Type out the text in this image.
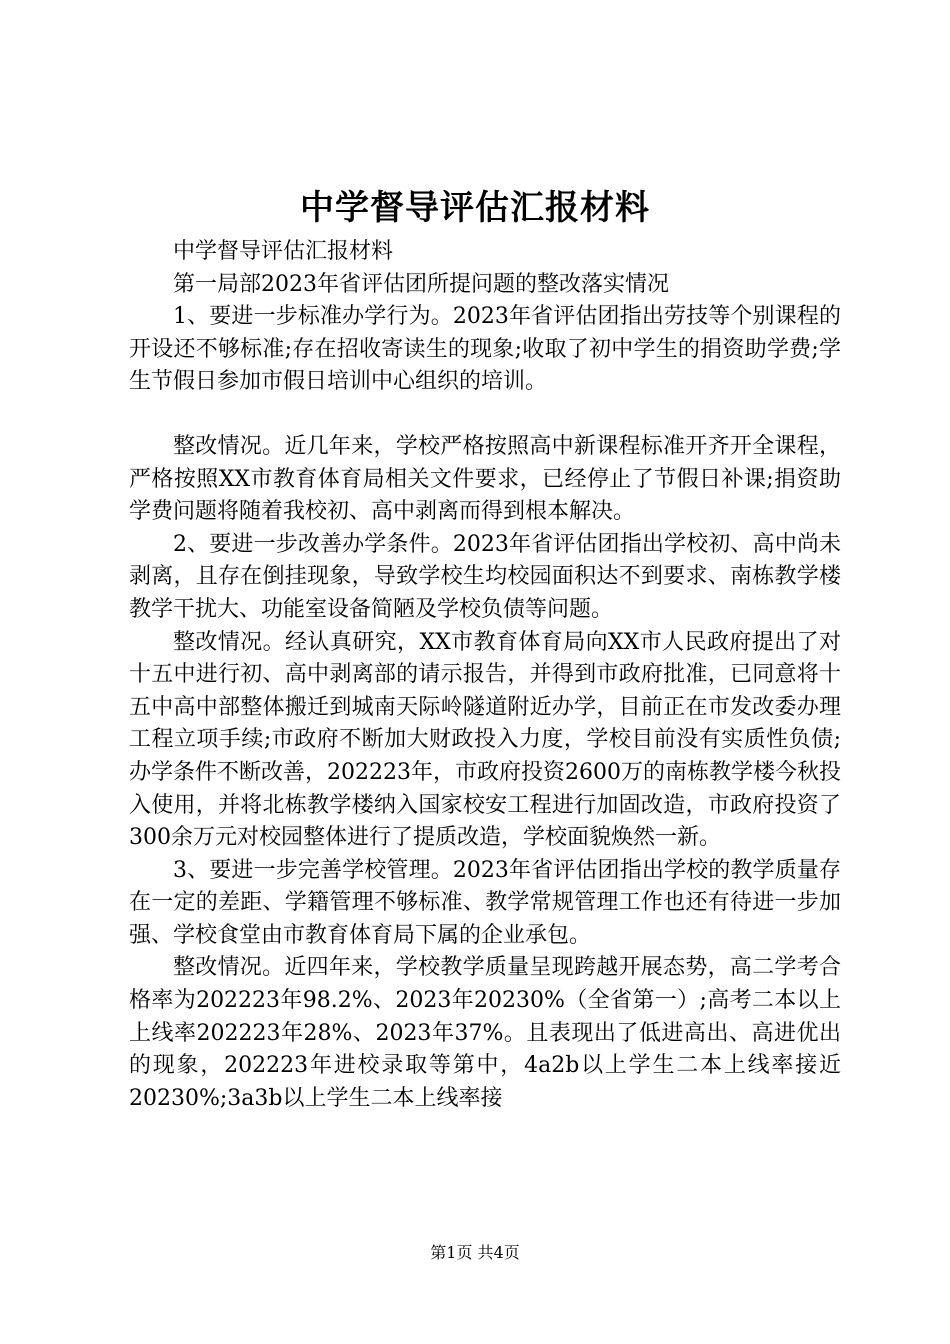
中学督导评估汇报材料

中学督导评估汇报材料

第一局部2023年省评估团所提问题的整改落实情况

1、要进一步标准办学行为。2023年省评估团指出劳技等个别课程的开设还不够标准;存在招收寄读生的现象;收取了初中学生的捐资助学费;学生节假日参加市假日培训中心组织的培训。

整改情况。近几年来，学校严格按照高中新课程标准开齐开全课程，严格按照XX市教育体育局相关文件要求，已经停止了节假日补课;捐资助学费问题将随着我校初、高中剥离而得到根本解决。

2、要进一步改善办学条件。2023年省评估团指出学校初、高中尚未剥离，且存在倒挂现象，导致学校生均校园面积达不到要求、南栋教学楼教学干扰大、功能室设备简陋及学校负债等问题。

整改情况。经认真研究，XX市教育体育局向XX市人民政府提出了对十五中进行初、高中剥离部的请示报告，并得到市政府批准，已同意将十五中高中部整体搬迁到城南天际岭隧道附近办学，目前正在市发改委办理工程立项手续;市政府不断加大财政投入力度，学校目前没有实质性负债;办学条件不断改善，202223年，市政府投资2600万的南栋教学楼今秋投入使用，并将北栋教学楼纳入国家校安工程进行加固改造，市政府投资了300余万元对校园整体进行了提质改造，学校面貌焕然一新。

3、要进一步完善学校管理。2023年省评估团指出学校的教学质量存在一定的差距、学籍管理不够标准、教学常规管理工作也还有待进一步加强、学校食堂由市教育体育局下属的企业承包。

整改情况。近四年来，学校教学质量呈现跨越开展态势，高二学考合格率为202223年98.2%、2023年20230%（全省第一）;高考二本以上上线率202223年28%、2023年37%。且表现出了低进高出、高进优出的现象，202223年进校录取等第中，4a2b以上学生二本上线率接近20230%;3a3b以上学生二本上线率接

第1页 共4页
